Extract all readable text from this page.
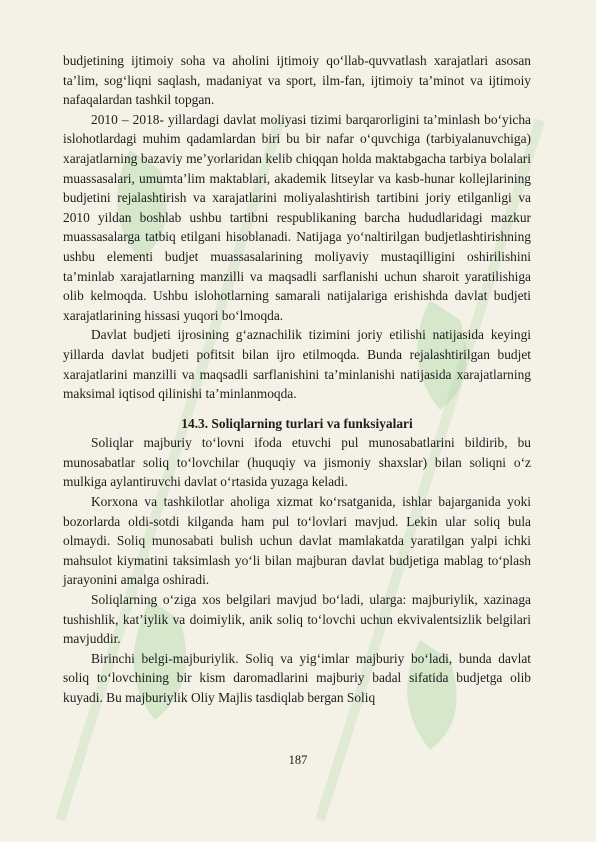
budjetining ijtimoiy soha va aholini ijtimoiy qo‘llab-quvvatlash xarajatlari asosan ta’lim, sog‘liqni saqlash, madaniyat va sport, ilm-fan, ijtimoiy ta’minot va ijtimoiy nafaqalardan tashkil topgan.

2010 – 2018- yillardagi davlat moliyasi tizimi barqarorligini ta’minlash bo‘yicha islohotlardagi muhim qadamlardan biri bu bir nafar o‘quvchiga (tarbiyalanuvchiga) xarajatlarning bazaviy me’yorlaridan kelib chiqqan holda maktabgacha tarbiya bolalari muassasalari, umumta’lim maktablari, akademik litseylar va kasb-hunar kollejlarining budjetini rejalashtirish va xarajatlarini moliyalashtirish tartibini joriy etilganligi va 2010 yildan boshlab ushbu tartibni respublikaning barcha hududlaridagi mazkur muassasalarga tatbiq etilgani hisoblanadi. Natijaga yo‘naltirilgan budjetlashtirishning ushbu elementi budjet muassasalarining moliyaviy mustaqilligini oshirilishini ta’minlab xarajatlarning manzilli va maqsadli sarflanishi uchun sharoit yaratilishiga olib kelmoqda. Ushbu islohotlarning samarali natijalariga erishishda davlat budjeti xarajatlarining hissasi yuqori bo‘lmoqda.

Davlat budjeti ijrosining g‘aznachilik tizimini joriy etilishi natijasida keyingi yillarda davlat budjeti pofitsit bilan ijro etilmoqda. Bunda rejalashtirilgan budjet xarajatlarini manzilli va maqsadli sarflanishini ta’minlanishi natijasida xarajatlarning maksimal iqtisod qilinishi ta’minlanmoqda.

14.3. Soliqlarning turlari va funksiyalari

Soliqlar majburiy to‘lovni ifoda etuvchi pul munosabatlarini bildirib, bu munosabatlar soliq to‘lovchilar (huquqiy va jismoniy shaxslar) bilan soliqni o‘z mulkiga aylantiruvchi davlat o‘rtasida yuzaga keladi.

Korxona va tashkilotlar aholiga xizmat ko‘rsatganida, ishlar bajarganida yoki bozorlarda oldi-sotdi kilganda ham pul to‘lovlari mavjud. Lekin ular soliq bula olmaydi. Soliq munosabati bulish uchun davlat mamlakatda yaratilgan yalpi ichki mahsulot kiymatini taksimlash yo‘li bilan majburan davlat budjetiga mablag to‘plash jarayonini amalga oshiradi.

Soliqlarning o‘ziga xos belgilari mavjud bo‘ladi, ularga: majburiylik, xazinaga tushishlik, kat’iylik va doimiylik, anik soliq to‘lovchi uchun ekvivalentsizlik belgilari mavjuddir.

Birinchi belgi-majburiylik. Soliq va yig‘imlar majburiy bo‘ladi, bunda davlat soliq to‘lovchining bir kism daromadlarini majburiy badal sifatida budjetga olib kuyadi. Bu majburiylik Oliy Majlis tasdiqlab bergan Soliq

187
